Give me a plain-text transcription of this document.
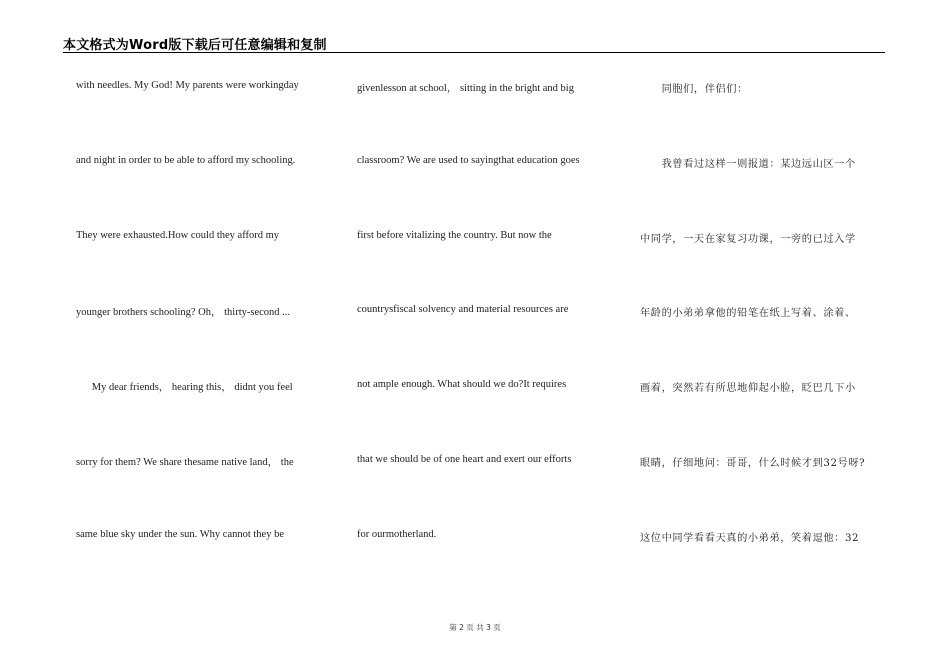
本文格式为Word版下载后可任意编辑和复制
with needles. My God! My parents were workingday
and night in order to be able to afford my schooling.
They were exhausted.How could they afford my
younger brothers schooling? Oh， thirty-second ...
My dear friends， hearing this， didnt you feel
sorry for them? We share thesame native land， the
same blue sky under the sun. Why cannot they be
givenlesson at school， sitting in the bright and big
classroom? We are used to sayingthat education goes
first before vitalizing the country. But now the
countrysfiscal solvency and material resources are
not ample enough. What should we do?It requires
that we should be of one heart and exert our efforts
for ourmotherland.
　　同胞们，伴侣们：
　　我曾看过这样一则报道：某边远山区一个
中同学，一天在家复习功课，一旁的已过入学
年龄的小弟弟拿他的铅笔在纸上写着、涂着、
画着，突然若有所思地仰起小脸，眨巴几下小
眼睛，仔细地问：哥哥，什么时候才到32号呀?
这位中同学看看天真的小弟弟，笑着逗他：32
第 2 页 共 3 页
